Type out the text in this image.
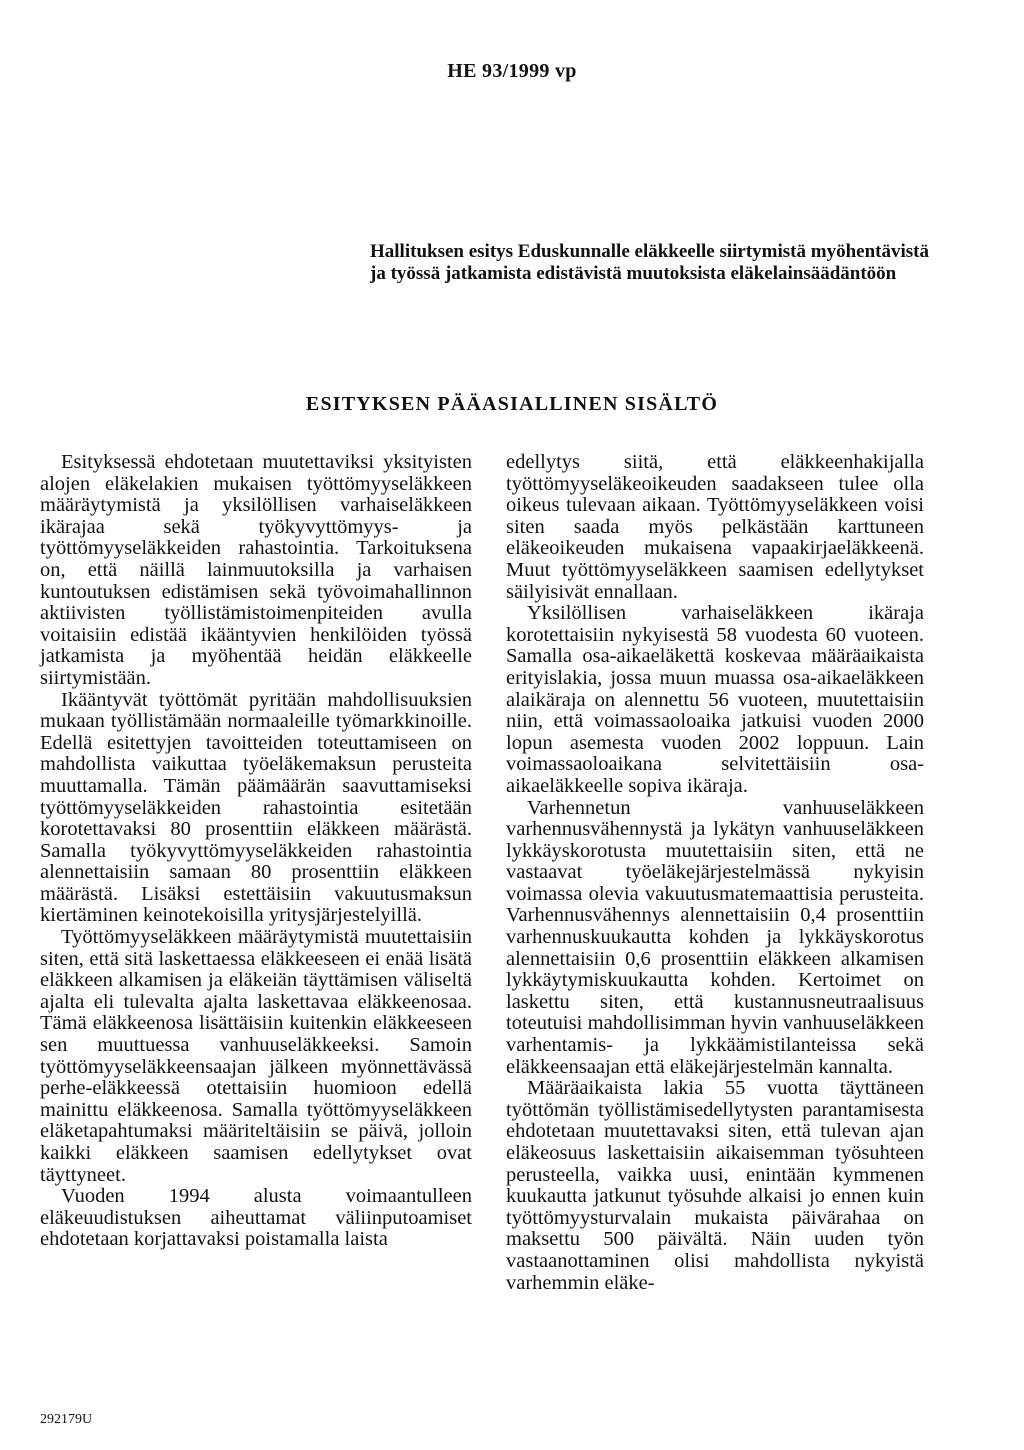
HE 93/1999 vp
Hallituksen esitys Eduskunnalle eläkkeelle siirtymistä myöhentävistä ja työssä jatkamista edistävistä muutoksista eläkelainsäädäntöön
ESITYKSEN PÄÄASIALLINEN SISÄLTÖ

Esityksessä ehdotetaan muutettaviksi yksityisten alojen eläkelakien mukaisen työttömyyseläkkeen määräytymistä ja yksilöllisen varhaiseläkkeen ikärajaa sekä työkyvyttömyys- ja työttömyyseläkkeiden rahastointia. Tarkoituksena on, että näillä lainmuutoksilla ja varhaisen kuntoutuksen edistämisen sekä työvoimahallinnon aktiivisten työllistämistoimenpiteiden avulla voitaisiin edistää ikääntyvien henkilöiden työssä jatkamista ja myöhentää heidän eläkkeelle siirtymistään.

Ikääntyvät työttömät pyritään mahdollisuuksien mukaan työllistämään normaaleille työmarkkinoille. Edellä esitettyjen tavoitteiden toteuttamiseen on mahdollista vaikuttaa työeläkemaksun perusteita muuttamalla. Tämän päämäärän saavuttamiseksi työttömyyseläkkeiden rahastointia esitetään korotettavaksi 80 prosenttiin eläkkeen määrästä. Samalla työkyvyttömyyseläkkeiden rahastointia alennettaisiin samaan 80 prosenttiin eläkkeen määrästä. Lisäksi estettäisiin vakuutusmaksun kiertäminen keinotekoisilla yritysjärjestelyillä.

Työttömyyseläkkeen määräytymistä muutettaisiin siten, että sitä laskettaessa eläkkeeseen ei enää lisätä eläkkeen alkamisen ja eläkeiän täyttämisen väliseltä ajalta eli tulevalta ajalta laskettavaa eläkkeenosaa. Tämä eläkkeenosa lisättäisiin kuitenkin eläkkeeseen sen muuttuessa vanhuuseläkkeeksi. Samoin työttömyyseläkkeensaajan jälkeen myönnettävässä perhe-eläkkeessä otettaisiin huomioon edellä mainittu eläkkeenosa. Samalla työttömyyseläkkeen eläketapahtumaksi määriteltäisiin se päivä, jolloin kaikki eläkkeen saamisen edellytykset ovat täyttyneet.

Vuoden 1994 alusta voimaantulleen eläkeuudistuksen aiheuttamat väliinputoamiset ehdotetaan korjattavaksi poistamalla laista

edellytys siitä, että eläkkeenhakijalla työttömyyseläkeoikeuden saadakseen tulee olla oikeus tulevaan aikaan. Työttömyyseläkkeen voisi siten saada myös pelkästään karttuneen eläkeoikeuden mukaisena vapaakirjaeläkkeenä. Muut työttömyyseläkkeen saamisen edellytykset säilyisivät ennallaan.

Yksilöllisen varhaiseläkkeen ikäraja korotettaisiin nykyisestä 58 vuodesta 60 vuoteen. Samalla osa-aikaeläkettä koskevaa määräaikaista erityislakia, jossa muun muassa osa-aikaeläkkeen alaikäraja on alennettu 56 vuoteen, muutettaisiin niin, että voimassaoloaika jatkuisi vuoden 2000 lopun asemesta vuoden 2002 loppuun. Lain voimassaoloaikana selvitettäisiin osa-aikaeläkkeelle sopiva ikäraja.

Varhennetun vanhuuseläkkeen varhennusvähennystä ja lykätyn vanhuuseläkkeen lykkäyskorotusta muutettaisiin siten, että ne vastaavat työeläkejärjestelmässä nykyisin voimassa olevia vakuutusmatemaattisia perusteita. Varhennusvähennys alennettaisiin 0,4 prosenttiin varhennuskuukautta kohden ja lykkäyskorotus alennettaisiin 0,6 prosenttiin eläkkeen alkamisen lykkäytymiskuukautta kohden. Kertoimet on laskettu siten, että kustannusneutraalisuus toteutuisi mahdollisimman hyvin vanhuuseläkkeen varhentamis- ja lykkäämistilanteissa sekä eläkkeensaajan että eläkejärjestelmän kannalta.

Määräaikaista lakia 55 vuotta täyttäneen työttömän työllistämisedellytysten parantamisesta ehdotetaan muutettavaksi siten, että tulevan ajan eläkeosuus laskettaisiin aikaisemman työsuhteen perusteella, vaikka uusi, enintään kymmenen kuukautta jatkunut työsuhde alkaisi jo ennen kuin työttömyysturvalain mukaista päivärahaa on maksettu 500 päivältä. Näin uuden työn vastaanottaminen olisi mahdollista nykyistä varhemmin eläke-

292179U
